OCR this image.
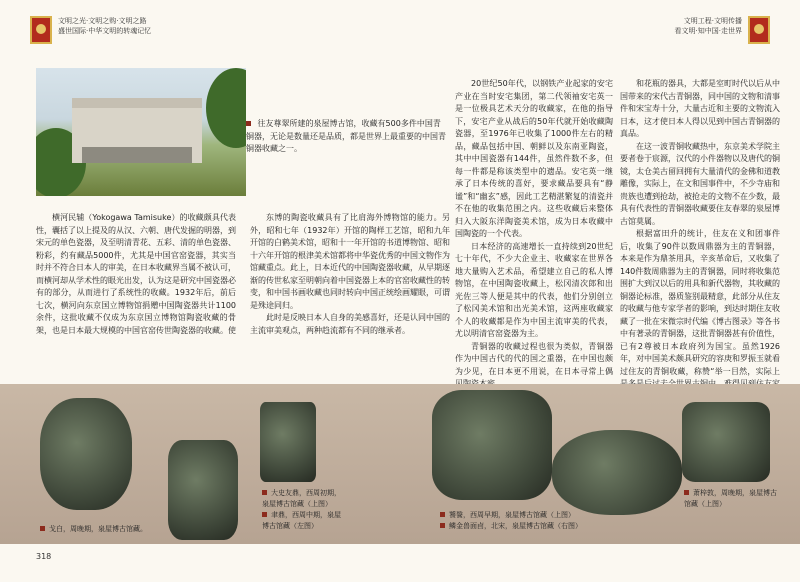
文明之光·文明之购·文明之路
盛世国际·中华文明的转魂记忆
文明工程·文明传播
看文明·知中国·走世界
往友尊翠所建的泉屋博古馆，收藏有500多件中国青铜器，无论是数量还是品质，都是世界上最重要的中国青铜器收藏之一。

横河民辅（Yokogawa Tamisuke）的收藏颇具代表性，囊括了以上提及的从汉、六朝、唐代发掘的明器，到宋元的单色瓷器，及至明清青花、五彩、清的单色瓷器、粉彩，约有藏品5000件，尤其是中国官窑瓷器，其实当时并不符合日本人的审美，在日本收藏界当属不被认可，而横河却从学术性的眼光出发，认为这是研究中国瓷器必有的部分，从而进行了系统性的收藏。1932年后，前后七次，横河向东京国立博物馆捐赠中国陶瓷器共计1100余件，这批收藏不仅成为东京国立博物馆陶瓷收藏的骨架，也是日本最大规模的中国官窑传世陶瓷器的收藏。使

东博的陶瓷收藏具有了比肩海外博物馆的能力。另外，昭和七年（1932年）开馆的陶样工艺馆，昭和九年开馆的白鹤美术馆，昭和十一年开馆的书道博物馆、昭和十六年开馆的根津美术馆都将中华瓷优秀的中国文物作为馆藏重点。此上，日本近代的中国陶瓷器收藏，从早期逐渐的传世私家至明朝向着中国瓷器上本的官窑收藏性的转变，和中国书画收藏也同时转向中国正统绘画耀眼，可谓是殊途同归。

此时是反映日本人自身的美感喜好，还是认同中国的主流审美观点，两种趋流都有不同的继承者。

20世纪50年代，以钢铁产业起家的安宅产业在当时安宅集团，第二代领袖安宅英一是一位极具艺术天分的收藏家，在他的指导下，安宅产业从战后的50年代就开始收藏陶瓷器，至1976年已收集了1000件左右的精品，藏品包括中国、朝鲜以及东南亚陶瓷，其中中国瓷器有144件，虽然件数不多，但每一件都是称该类型中的遗品。安宅英一继承了日本传统的喜好，要求藏品要具有“静谧”和“幽玄”感，因此工艺精湛繁复的清瓷并不在他的收集范围之内。这些收藏后来整体归入大阪东洋陶瓷美术馆，成为日本收藏中国陶瓷的一个代表。

日本经济的高速增长一直持续到20世纪七十年代，不少大企业主、收藏家在世界各地大量购入艺术品，希望建立自己的私人博物馆，在中国陶瓷收藏上，松冈清次郎和出光佐三等人便是其中的代表，他们分别创立了松冈美术馆和出光美术馆，这两座收藏家个人的收藏都是作为中国主流审美的代表，尤以明清官窑瓷器为主。

青铜器的收藏过程也很为类似，青铜器作为中国古代的代的国之重器，在中国也颇为少见，在日本更不用说，在日本寻常上偶

和花瓶的器具，大都是室町时代以后从中国带来的宋代古青铜器，同中国的文物和清事件和宋宝寿十分，大量古近和主要的文物流入日本，这才使日本人得以见到中国古青铜器的真品。

在这一波青铜收藏热中，东京美术学院主要者卷于宸源，汉代的小件器物以及唐代的铜镜，太仓美古留回拥有大量清代的金佛和道教雕像，实际上，在文和国事件中，不少寺庙和贵族也遭到抢劫，被抢走的文物不在少数，最具有代表性的青铜器收藏要住友春翠的泉屋博古馆莫属。

根据富田升的统计，住友在义和团事件后，收集了90件以数周鼎器为主的青铜器，本来是作为鼎茶用具，辛亥革命后，又收集了140件数周鼎器为主的青铜器，同时将收集范围扩大到汉以后的用具和新代器物，其收藏的铜器论标准，器质鉴别最精意，此部分从住友的收藏与他专家学者的影响，到达时期住友收藏了一批在宋微宗时代编《博古图录》等各书中有著录的青铜器，这批青铜器甚有价值性，已有2尊被日本政府列为国宝。虽然1926年，对中国美术颇具研究的容庚和罗振玉就看过住友的青铜收藏，称赞“举一目然，实际上

戈白，周晚期，泉屋博古馆藏。
大史友鼎，西周初期，泉屋博古馆藏（上图）
聿鼎，西周中期，泉屋博古馆藏（左图）
饕餮，西周早期，泉屋博古馆藏（上图）
鳞金兽面卣，北宋，泉屋博古馆藏（右图）
萧梓敦，周晚期，泉屋博古馆藏（上图）
318
